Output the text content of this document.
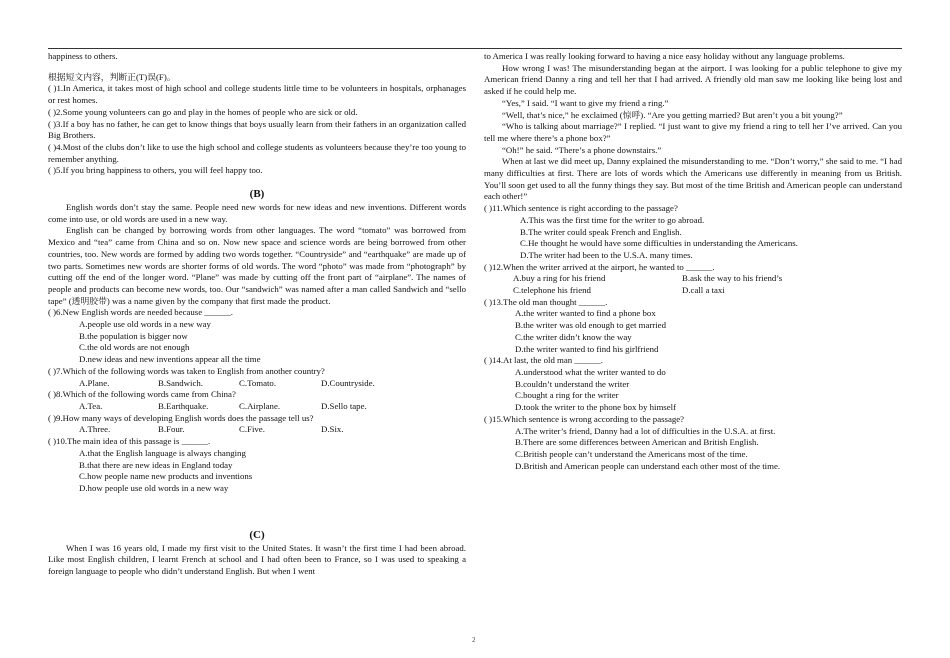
happiness to others.

根据短文内容，判断正(T)误(F)。

( )1.In America, it takes most of high school and college students little time to be volunteers in hospitals, orphanages or rest homes.

( )2.Some young volunteers can go and play in the homes of people who are sick or old.

( )3.If a boy has no father, he can get to know things that boys usually learn from their fathers in an organization called Big Brothers.

( )4.Most of the clubs don’t like to use the high school and college students as volunteers because they’re too young to remember anything.

( )5.If you bring happiness to others, you will feel happy too.

(B)

English words don’t stay the same. People need new words for new ideas and new inventions. Different words come into use, or old words are used in a new way.

English can be changed by borrowing words from other languages. The word “tomato” was borrowed from Mexico and “tea” came from China and so on. Now new space and science words are being borrowed from other countries, too. New words are formed by adding two words together. “Countryside” and “earthquake” are made up of two parts. Sometimes new words are shorter forms of old words. The word “photo” was made from “photograph” by cutting off the end of the longer word. “Plane” was made by cutting off the front part of “airplane”. The names of people and products can become new words, too. Our “sandwich” was named after a man called Sandwich and “sello tape” (透明胶带) was a name given by the company that first made the product.

( )6.New English words are needed because ______.

A.people use old words in a new way

B.the population is bigger now

C.the old words are not enough

D.new ideas and new inventions appear all the time

( )7.Which of the following words was taken to English from another country?

A.Plane.	B.Sandwich.	C.Tomato.	D.Countryside.

( )8.Which of the following words came from China?

A.Tea.	B.Earthquake.	C.Airplane.	D.Sello tape.

( )9.How many ways of developing English words does the passage tell us?

A.Three.	B.Four.	C.Five.	D.Six.

( )10.The main idea of this passage is ______.

A.that the English language is always changing

B.that there are new ideas in England today

C.how people name new products and inventions

D.how people use old words in a new way

(C)

When I was 16 years old, I made my first visit to the United States. It wasn’t the first time I had been abroad. Like most English children, I learnt French at school and I had often been to France, so I was used to speaking a foreign language to people who didn’t understand English. But when I went

to America I was really looking forward to having a nice easy holiday without any language problems.

How wrong I was! The misunderstanding began at the airport. I was looking for a public telephone to give my American friend Danny a ring and tell her that I had arrived. A friendly old man saw me looking like being lost and asked if he could help me.

“Yes,” I said. “I want to give my friend a ring.”

“Well, that’s nice,” he exclaimed (惊呼). “Are you getting married? But aren’t you a bit young?”

“Who is talking about marriage?” I replied. “I just want to give my friend a ring to tell her I’ve arrived. Can you tell me where there’s a phone box?”

“Oh!” he said. “There’s a phone downstairs.”

When at last we did meet up, Danny explained the misunderstanding to me. “Don’t worry,” she said to me. “I had many difficulties at first. There are lots of words which the Americans use differently in meaning from us British. You’ll soon get used to all the funny things they say. But most of the time British and American people can understand each other!”

( )11.Which sentence is right according to the passage?

A.This was the first time for the writer to go abroad.

B.The writer could speak French and English.

C.He thought he would have some difficulties in understanding the Americans.

D.The writer had been to the U.S.A. many times.

( )12.When the writer arrived at the airport, he wanted to ______.

A.buy a ring for his friend	B.ask the way to his friend’s
C.telephone his friend	D.call a taxi

( )13.The old man thought ______.

A.the writer wanted to find a phone box

B.the writer was old enough to get married

C.the writer didn’t know the way

D.the writer wanted to find his girlfriend

( )14.At last, the old man ______.

A.understood what the writer wanted to do

B.couldn’t understand the writer

C.bought a ring for the writer

D.took the writer to the phone box by himself

( )15.Which sentence is wrong according to the passage?

A.The writer’s friend, Danny had a lot of difficulties in the U.S.A. at first.

B.There are some differences between American and British English.

C.British people can’t understand the Americans most of the time.

D.British and American people can understand each other most of the time.

2
